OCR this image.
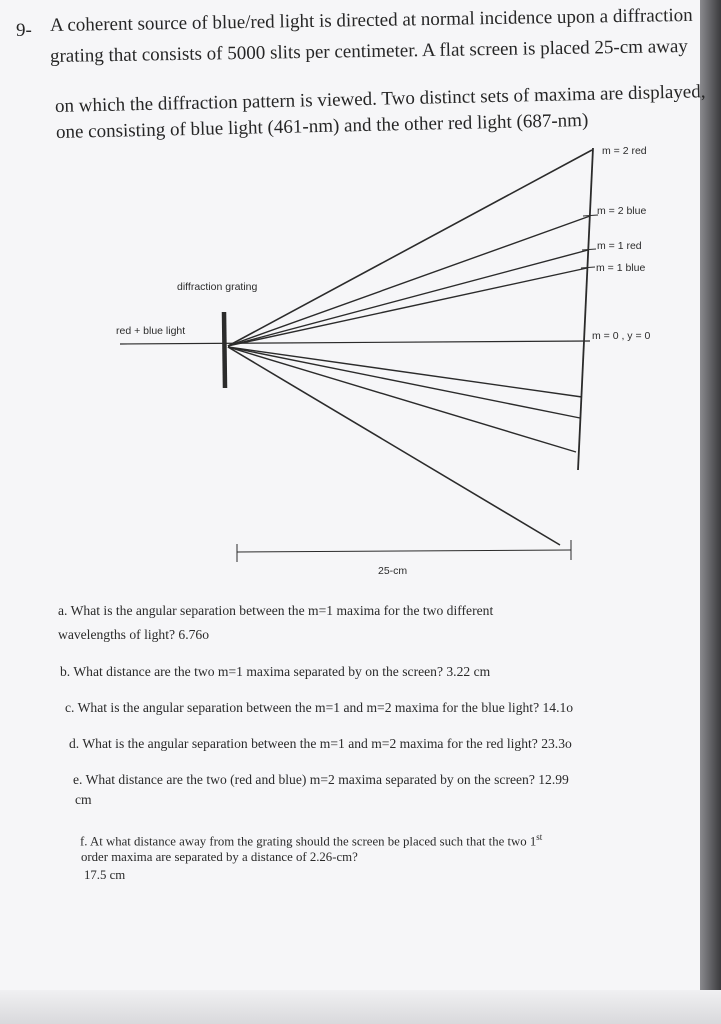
9- A coherent source of blue/red light is directed at normal incidence upon a diffraction
grating that consists of 5000 slits per centimeter. A flat screen is placed 25-cm away
on which the diffraction pattern is viewed. Two distinct sets of maxima are displayed,
one consisting of blue light (461-nm) and the other red light (687-nm)
m = 2 red
m = 2 blue
m = 1 red
m = 1 blue
m = 0 , y = 0
diffraction grating
red + blue light
25-cm
a. What is the angular separation between the m=1 maxima for the two different
wavelengths of light? 6.76o
b. What distance are the two m=1 maxima separated by on the screen? 3.22 cm
c. What is the angular separation between the m=1 and m=2 maxima for the blue light? 14.1o
d. What is the angular separation between the m=1 and m=2 maxima for the red light? 23.3o
e. What distance are the two (red and blue) m=2 maxima separated by on the screen? 12.99
cm
f. At what distance away from the grating should the screen be placed such that the two 1st
order maxima are separated by a distance of 2.26-cm?
17.5 cm
